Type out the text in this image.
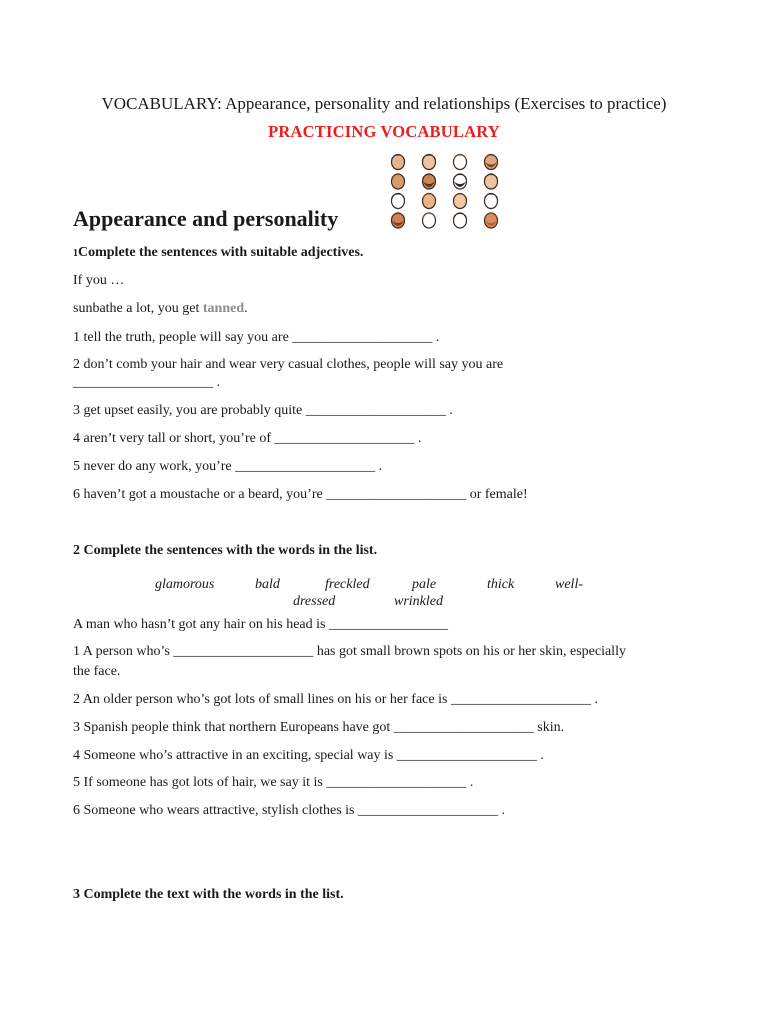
VOCABULARY: Appearance, personality and relationships (Exercises to practice)
PRACTICING VOCABULARY
Appearance and personality
1Complete the sentences with suitable adjectives.
If you …
sunbathe a lot, you get tanned.
1 tell the truth, people will say you are ____________________ .
2 don’t comb your hair and wear very casual clothes, people will say you are
____________________ .
3 get upset easily, you are probably quite ____________________ .
4 aren’t very tall or short, you’re of ____________________ .
5 never do any work, you’re ____________________ .
6 haven’t got a moustache or a beard, you’re ____________________ or female!
2 Complete the sentences with the words in the list.
glamorous	bald	freckled	pale	thick	well-
dressed	wrinkled
A man who hasn’t got any hair on his head is _________________
1 A person who’s ____________________ has got small brown spots on his or her skin, especially
the face.
2 An older person who’s got lots of small lines on his or her face is ____________________ .
3 Spanish people think that northern Europeans have got ____________________ skin.
4 Someone who’s attractive in an exciting, special way is ____________________ .
5 If someone has got lots of hair, we say it is ____________________ .
6 Someone who wears attractive, stylish clothes is ____________________ .
3 Complete the text with the words in the list.
